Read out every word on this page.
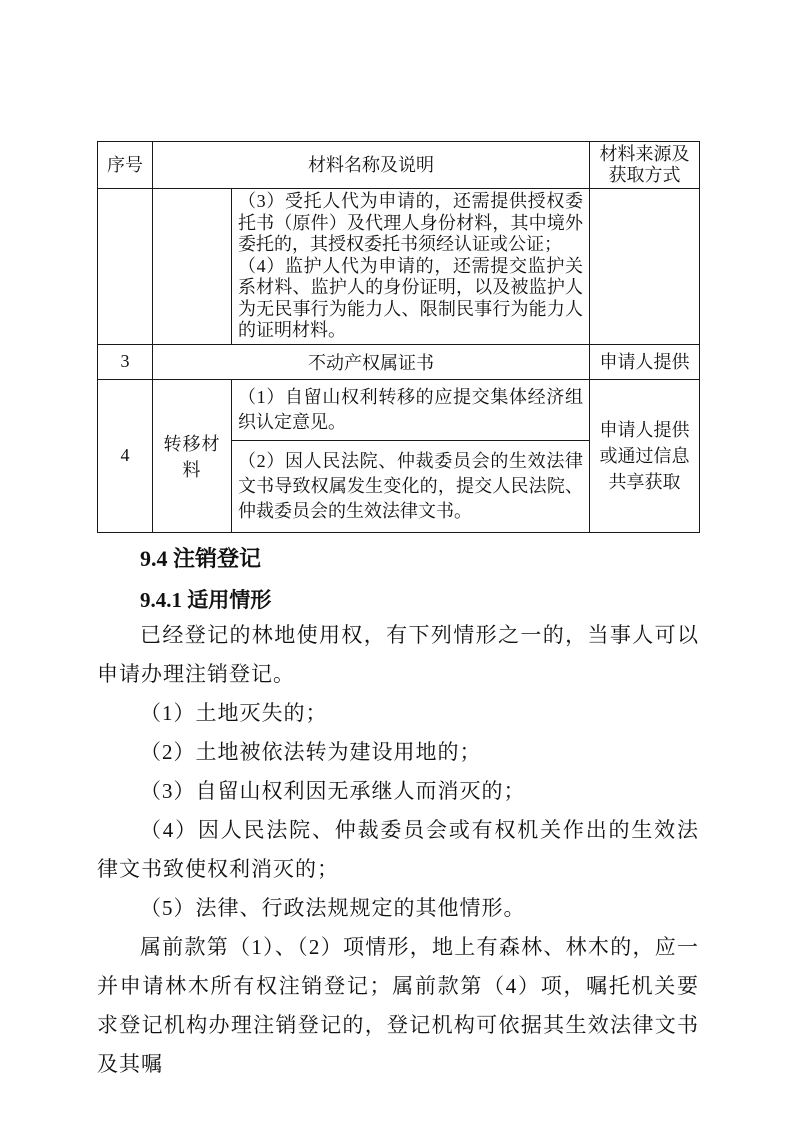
序号	材料名称及说明		材料来源及获取方式

		（3）受托人代为申请的，还需提供授权委托书（原件）及代理人身份材料，其中境外委托的，其授权委托书须经认证或公证；
（4）监护人代为申请的，还需提交监护关系材料、监护人的身份证明，以及被监护人为无民事行为能力人、限制民事行为能力人的证明材料。	

3	不动产权属证书		申请人提供
4	转移材料	（1）自留山权利转移的应提交集体经济组织认定意见。	申请人提供或通过信息共享获取
		（2）因人民法院、仲裁委员会的生效法律文书导致权属发生变化的，提交人民法院、仲裁委员会的生效法律文书。	
9.4 注销登记
9.4.1 适用情形

已经登记的林地使用权，有下列情形之一的，当事人可以申请办理注销登记。

（1）土地灭失的；

（2）土地被依法转为建设用地的；

（3）自留山权利因无承继人而消灭的；

（4）因人民法院、仲裁委员会或有权机关作出的生效法律文书致使权利消灭的；

（5）法律、行政法规规定的其他情形。

属前款第（1）、（2）项情形，地上有森林、林木的，应一并申请林木所有权注销登记；属前款第（4）项，嘱托机关要求登记机构办理注销登记的，登记机构可依据其生效法律文书及其嘱
